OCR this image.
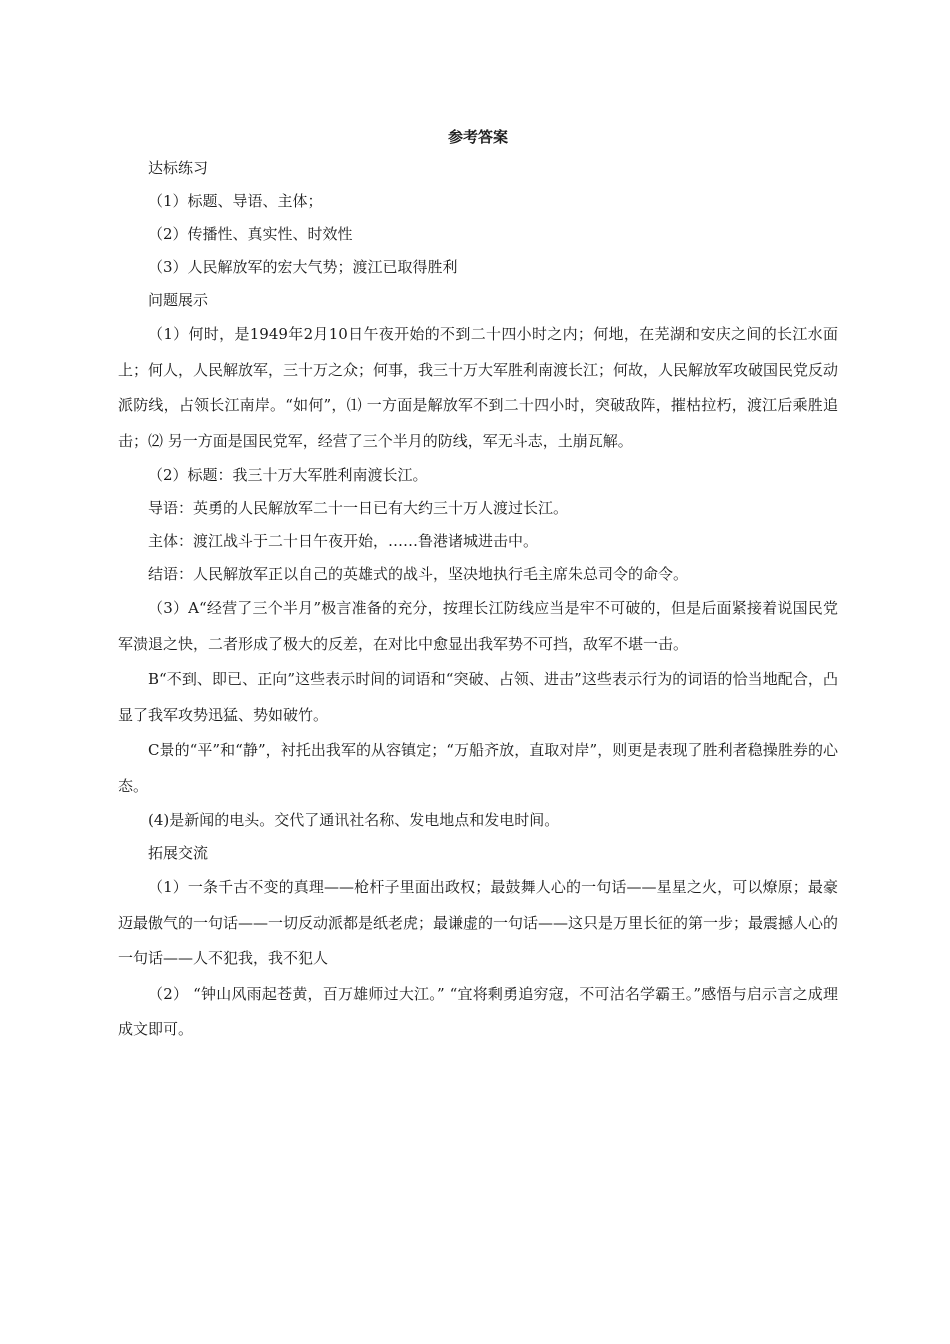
参考答案

达标练习

（1）标题、导语、主体；

（2）传播性、真实性、时效性

（3）人民解放军的宏大气势；渡江已取得胜利

问题展示

（1）何时，是1949年2月10日午夜开始的不到二十四小时之内；何地，在芜湖和安庆之间的长江水面上；何人，人民解放军，三十万之众；何事，我三十万大军胜利南渡长江；何故，人民解放军攻破国民党反动派防线，占领长江南岸。“如何”，⑴ 一方面是解放军不到二十四小时，突破敌阵，摧枯拉朽，渡江后乘胜追击；⑵ 另一方面是国民党军，经营了三个半月的防线，军无斗志，土崩瓦解。

（2）标题：我三十万大军胜利南渡长江。

导语：英勇的人民解放军二十一日已有大约三十万人渡过长江。

主体：渡江战斗于二十日午夜开始，……鲁港诸城进击中。

结语：人民解放军正以自己的英雄式的战斗，坚决地执行毛主席朱总司令的命令。

（3）A“经营了三个半月”极言准备的充分，按理长江防线应当是牢不可破的，但是后面紧接着说国民党军溃退之快，二者形成了极大的反差，在对比中愈显出我军势不可挡，敌军不堪一击。

B“不到、即已、正向”这些表示时间的词语和“突破、占领、进击”这些表示行为的词语的恰当地配合，凸显了我军攻势迅猛、势如破竹。

C景的“平”和“静”，衬托出我军的从容镇定；“万船齐放，直取对岸”，则更是表现了胜利者稳操胜券的心态。

(4)是新闻的电头。交代了通讯社名称、发电地点和发电时间。

拓展交流

（1）一条千古不变的真理——枪杆子里面出政权；最鼓舞人心的一句话——星星之火，可以燎原；最豪迈最傲气的一句话——一切反动派都是纸老虎；最谦虚的一句话——这只是万里长征的第一步；最震撼人心的一句话——人不犯我，我不犯人

（2） “钟山风雨起苍黄，百万雄师过大江。” “宜将剩勇追穷寇，不可沽名学霸王。”感悟与启示言之成理成文即可。
